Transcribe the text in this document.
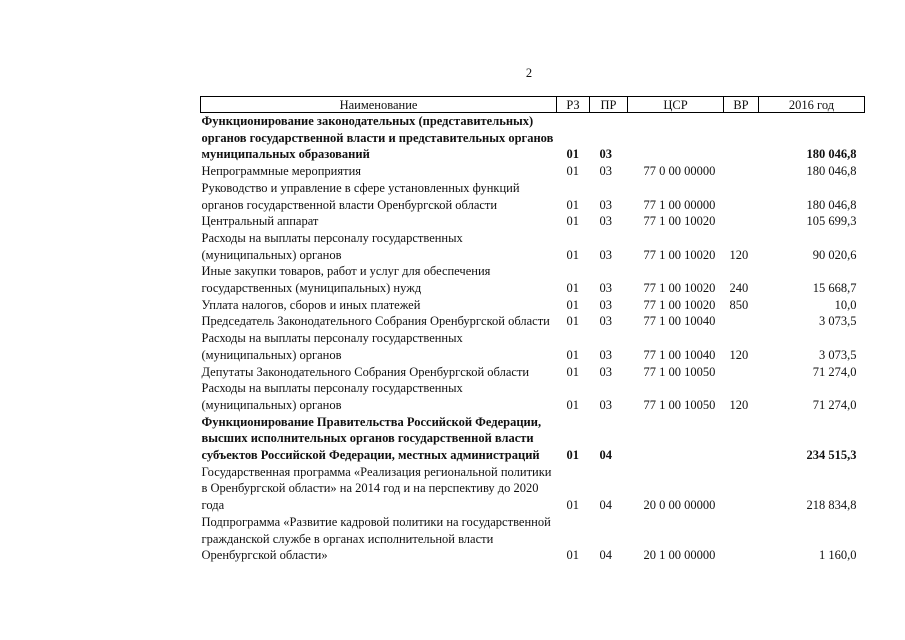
2
Наименование	РЗ	ПР	ЦСР	ВР	2016 год
Функционирование законодательных (представительных) органов государственной власти и представительных органов муниципальных образований	01	03			180 046,8
Непрограммные мероприятия	01	03	77 0 00 00000		180 046,8
Руководство и управление в сфере установленных функций органов государственной власти Оренбургской области	01	03	77 1 00 00000		180 046,8
Центральный аппарат	01	03	77 1 00 10020		105 699,3
Расходы на выплаты персоналу государственных (муниципальных) органов	01	03	77 1 00 10020	120	90 020,6
Иные закупки товаров, работ и услуг для обеспечения государственных (муниципальных) нужд	01	03	77 1 00 10020	240	15 668,7
Уплата налогов, сборов и иных платежей	01	03	77 1 00 10020	850	10,0
Председатель Законодательного Собрания Оренбургской области	01	03	77 1 00 10040		3 073,5
Расходы на выплаты персоналу государственных (муниципальных) органов	01	03	77 1 00 10040	120	3 073,5
Депутаты Законодательного Собрания Оренбургской области	01	03	77 1 00 10050		71 274,0
Расходы на выплаты персоналу государственных (муниципальных) органов	01	03	77 1 00 10050	120	71 274,0
Функционирование Правительства Российской Федерации, высших исполнительных органов государственной власти субъектов Российской Федерации, местных администраций	01	04			234 515,3
Государственная программа «Реализация региональной политики в Оренбургской области» на 2014 год и на перспективу до 2020 года	01	04	20 0 00 00000		218 834,8
Подпрограмма «Развитие кадровой политики на государственной гражданской службе в органах исполнительной власти Оренбургской области»	01	04	20 1 00 00000		1 160,0
